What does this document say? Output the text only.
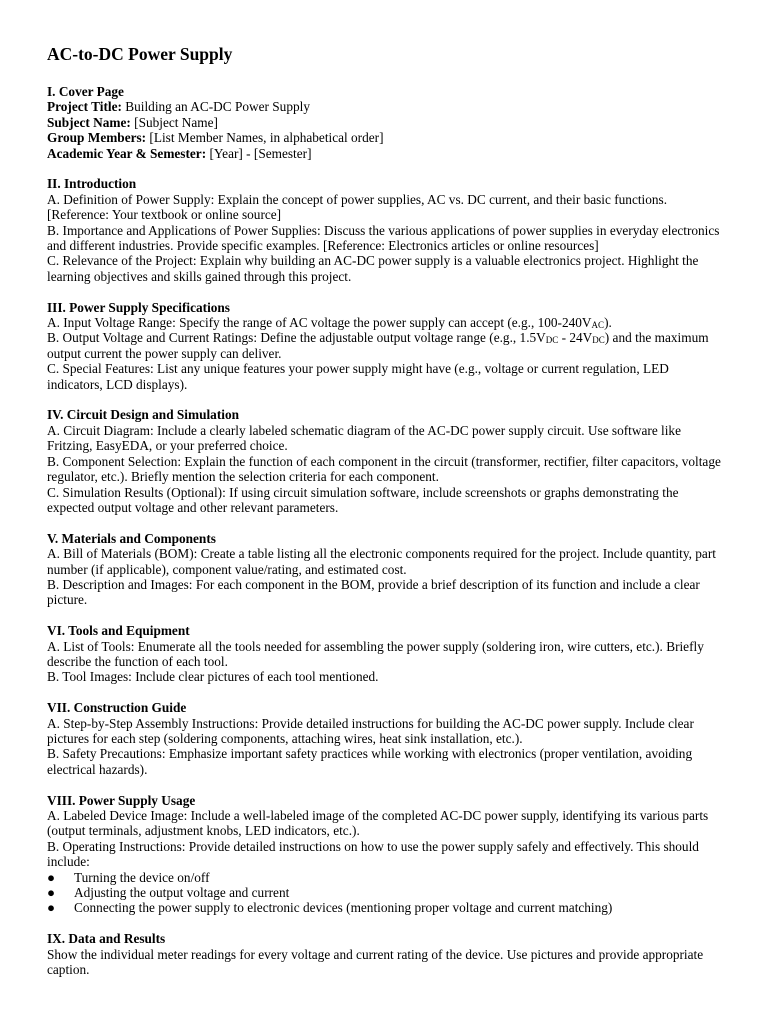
AC-to-DC Power Supply
I. Cover Page
Project Title: Building an AC-DC Power Supply
Subject Name: [Subject Name]
Group Members: [List Member Names, in alphabetical order]
Academic Year & Semester: [Year] - [Semester]
II. Introduction

A. Definition of Power Supply: Explain the concept of power supplies, AC vs. DC current, and their basic functions. [Reference: Your textbook or online source]

B. Importance and Applications of Power Supplies: Discuss the various applications of power supplies in everyday electronics and different industries. Provide specific examples. [Reference: Electronics articles or online resources]

C. Relevance of the Project: Explain why building an AC-DC power supply is a valuable electronics project. Highlight the learning objectives and skills gained through this project.

III. Power Supply Specifications

A. Input Voltage Range: Specify the range of AC voltage the power supply can accept (e.g., $100-240V_{AC}$).

B. Output Voltage and Current Ratings: Define the adjustable output voltage range (e.g., $1.5V_{DC} - 24V_{DC}$) and the maximum output current the power supply can deliver.

C. Special Features: List any unique features your power supply might have (e.g., voltage or current regulation, LED indicators, LCD displays).

IV. Circuit Design and Simulation

A. Circuit Diagram: Include a clearly labeled schematic diagram of the AC-DC power supply circuit. Use software like Fritzing, EasyEDA, or your preferred choice.

B. Component Selection: Explain the function of each component in the circuit (transformer, rectifier, filter capacitors, voltage regulator, etc.). Briefly mention the selection criteria for each component.

C. Simulation Results (Optional): If using circuit simulation software, include screenshots or graphs demonstrating the expected output voltage and other relevant parameters.

V. Materials and Components

A. Bill of Materials (BOM): Create a table listing all the electronic components required for the project. Include quantity, part number (if applicable), component value/rating, and estimated cost.

B. Description and Images: For each component in the BOM, provide a brief description of its function and include a clear picture.

VI. Tools and Equipment

A. List of Tools: Enumerate all the tools needed for assembling the power supply (soldering iron, wire cutters, etc.). Briefly describe the function of each tool.

B. Tool Images: Include clear pictures of each tool mentioned.

VII. Construction Guide

A. Step-by-Step Assembly Instructions: Provide detailed instructions for building the AC-DC power supply. Include clear pictures for each step (soldering components, attaching wires, heat sink installation, etc.).

B. Safety Precautions: Emphasize important safety practices while working with electronics (proper ventilation, avoiding electrical hazards).

VIII. Power Supply Usage

A. Labeled Device Image: Include a well-labeled image of the completed AC-DC power supply, identifying its various parts (output terminals, adjustment knobs, LED indicators, etc.).

B. Operating Instructions: Provide detailed instructions on how to use the power supply safely and effectively. This should include:

● Turning the device on/off
● Adjusting the output voltage and current
● Connecting the power supply to electronic devices (mentioning proper voltage and current matching)
IX. Data and Results

Show the individual meter readings for every voltage and current rating of the device. Use pictures and provide appropriate caption.
